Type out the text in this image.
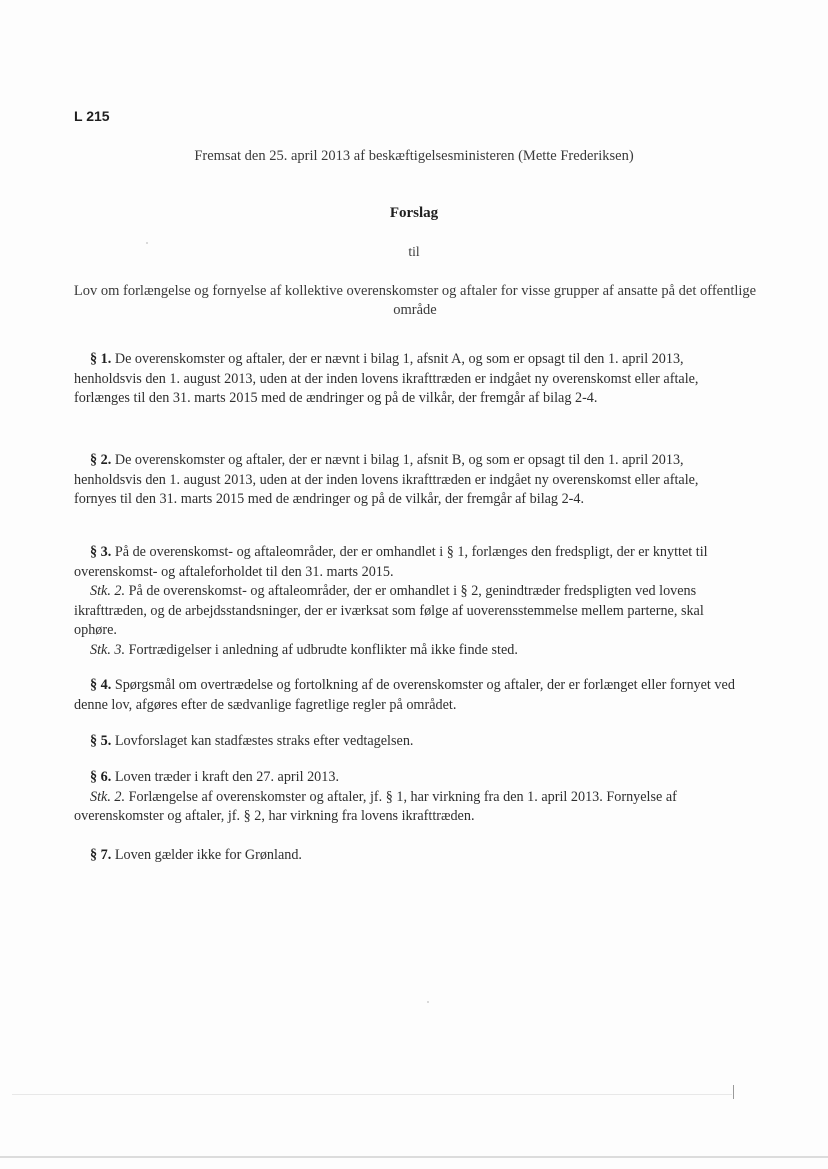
L 215
Fremsat den 25. april 2013 af beskæftigelsesministeren (Mette Frederiksen)
Forslag
til
Lov om forlængelse og fornyelse af kollektive overenskomster og aftaler for visse grupper af ansatte på det offentlige område

§ 1. De overenskomster og aftaler, der er nævnt i bilag 1, afsnit A, og som er opsagt til den 1. april 2013, henholdsvis den 1. august 2013, uden at der inden lovens ikrafttræden er indgået ny overenskomst eller aftale, forlænges til den 31. marts 2015 med de ændringer og på de vilkår, der fremgår af bilag 2-4.

§ 2. De overenskomster og aftaler, der er nævnt i bilag 1, afsnit B, og som er opsagt til den 1. april 2013, henholdsvis den 1. august 2013, uden at der inden lovens ikrafttræden er indgået ny overenskomst eller aftale, fornyes til den 31. marts 2015 med de ændringer og på de vilkår, der fremgår af bilag 2-4.

§ 3. På de overenskomst- og aftaleområder, der er omhandlet i § 1, forlænges den fredspligt, der er knyttet til overenskomst- og aftaleforholdet til den 31. marts 2015.

Stk. 2. På de overenskomst- og aftaleområder, der er omhandlet i § 2, genindtræder fredspligten ved lovens ikrafttræden, og de arbejdsstandsninger, der er iværksat som følge af uoverensstemmelse mellem parterne, skal ophøre.

Stk. 3. Fortrædigelser i anledning af udbrudte konflikter må ikke finde sted.

§ 4. Spørgsmål om overtrædelse og fortolkning af de overenskomster og aftaler, der er forlænget eller fornyet ved denne lov, afgøres efter de sædvanlige fagretlige regler på området.

§ 5. Lovforslaget kan stadfæstes straks efter vedtagelsen.

§ 6. Loven træder i kraft den 27. april 2013.

Stk. 2. Forlængelse af overenskomster og aftaler, jf. § 1, har virkning fra den 1. april 2013. Fornyelse af overenskomster og aftaler, jf. § 2, har virkning fra lovens ikrafttræden.

§ 7. Loven gælder ikke for Grønland.
